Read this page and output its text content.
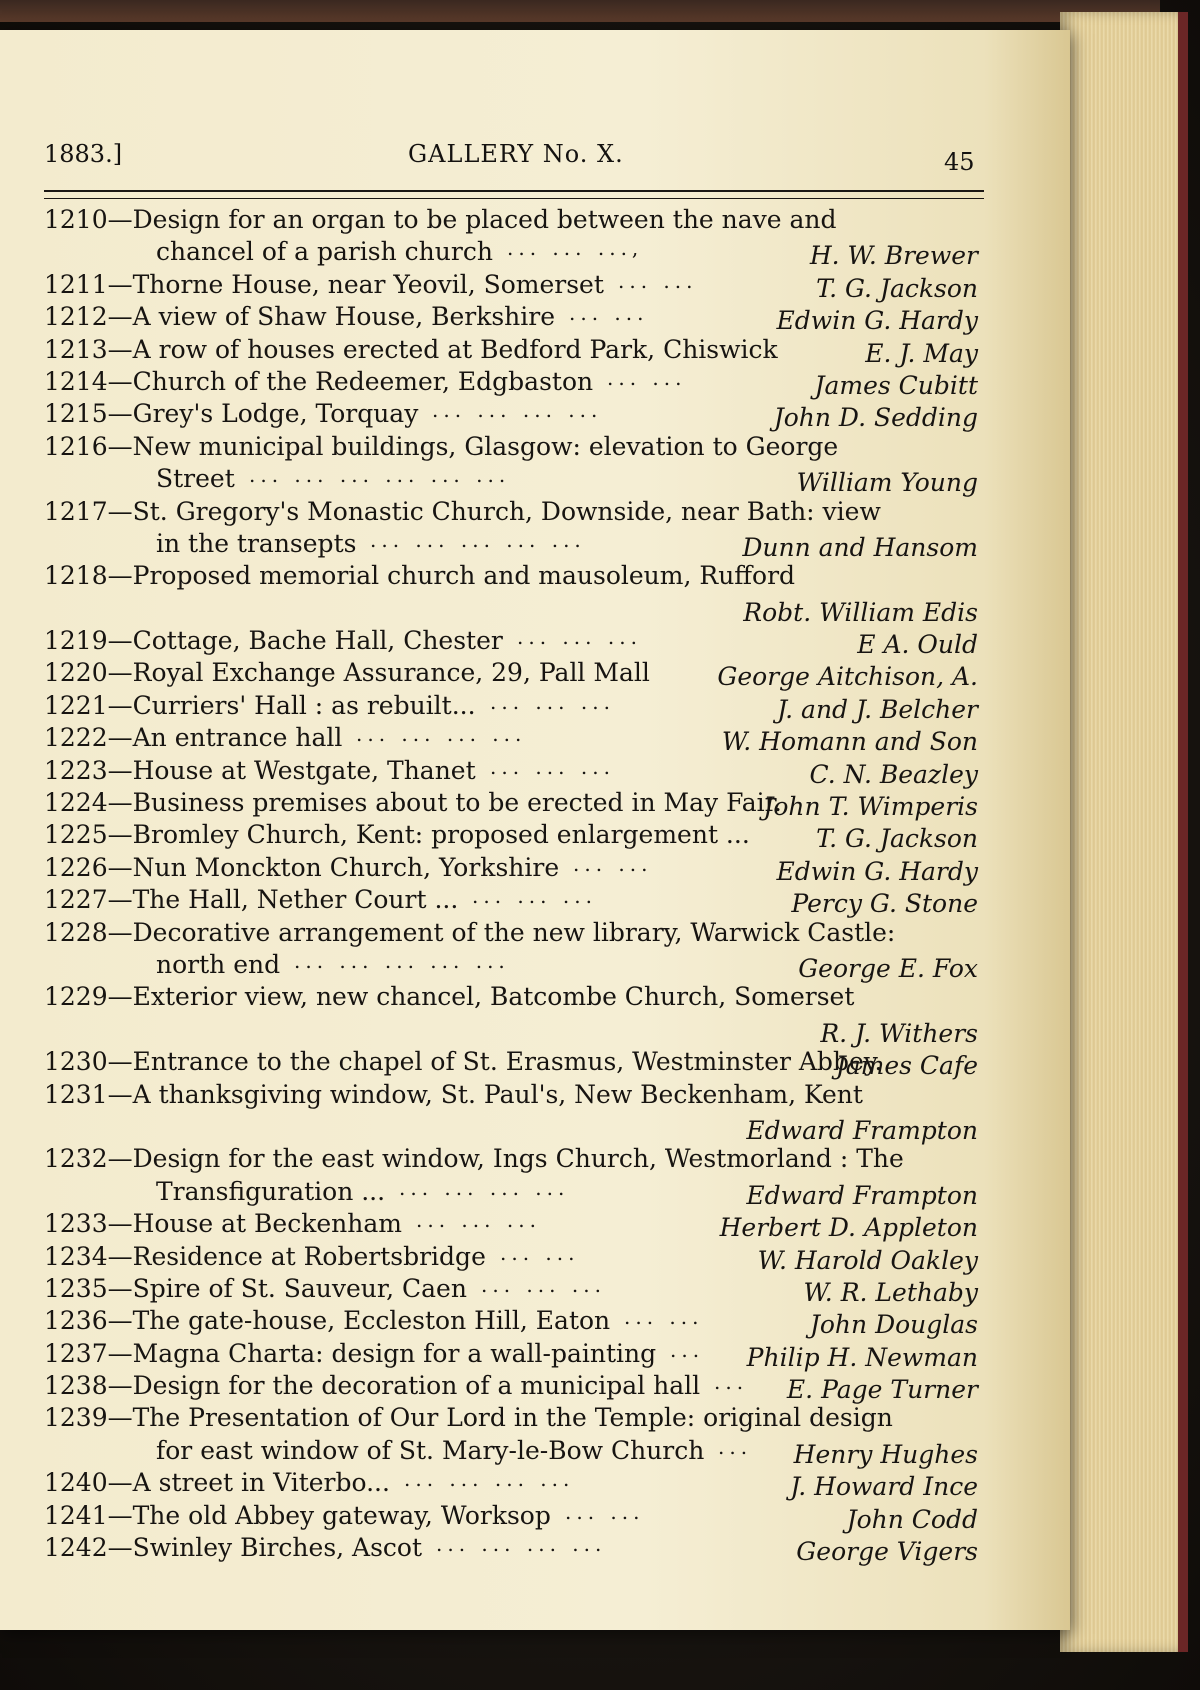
1883.]	GALLERY No. X.	45
1210—Design for an organ to be placed between the nave and
chancel of a parish church ... ... ...,	H. W. Brewer
1211—Thorne House, near Yeovil, Somerset ... ...	T. G. Jackson
1212—A view of Shaw House, Berkshire ... ...	Edwin G. Hardy
1213—A row of houses erected at Bedford Park, Chiswick	E. J. May
1214—Church of the Redeemer, Edgbaston ... ...	James Cubitt
1215—Grey's Lodge, Torquay ... ... ... ...	John D. Sedding
1216—New municipal buildings, Glasgow: elevation to George
Street ... ... ... ... ... ...	William Young
1217—St. Gregory's Monastic Church, Downside, near Bath: view
in the transepts ... ... ... ... ...	Dunn and Hansom
1218—Proposed memorial church and mausoleum, Rufford
Robt. William Edis
1219—Cottage, Bache Hall, Chester ... ... ...	E A. Ould
1220—Royal Exchange Assurance, 29, Pall Mall	George Aitchison, A.
1221—Curriers' Hall : as rebuilt... ... ... ...	J. and J. Belcher
1222—An entrance hall ... ... ... ...	W. Homann and Son
1223—House at Westgate, Thanet ... ... ...	C. N. Beazley
1224—Business premises about to be erected in May Fair.
John T. Wimperis
1225—Bromley Church, Kent: proposed enlargement ...	T. G. Jackson
1226—Nun Monckton Church, Yorkshire ... ...	Edwin G. Hardy
1227—The Hall, Nether Court ... ... ... ...	Percy G. Stone
1228—Decorative arrangement of the new library, Warwick Castle:
north end ... ... ... ... ...	George E. Fox
1229—Exterior view, new chancel, Batcombe Church, Somerset
R. J. Withers
1230—Entrance to the chapel of St. Erasmus, Westminster Abbey.
James Cafe
1231—A thanksgiving window, St. Paul's, New Beckenham, Kent
Edward Frampton
1232—Design for the east window, Ings Church, Westmorland : The
Transfiguration ... ... ... ... ...	Edward Frampton
1233—House at Beckenham ... ... ...	Herbert D. Appleton
1234—Residence at Robertsbridge ... ...	W. Harold Oakley
1235—Spire of St. Sauveur, Caen ... ... ...	W. R. Lethaby
1236—The gate-house, Eccleston Hill, Eaton ... ...	John Douglas
1237—Magna Charta: design for a wall-painting ... Philip H. Newman
1238—Design for the decoration of a municipal hall ... E. Page Turner
1239—The Presentation of Our Lord in the Temple: original design
for east window of St. Mary-le-Bow Church ... Henry Hughes
1240—A street in Viterbo... ... ... ... ...	J. Howard Ince
1241—The old Abbey gateway, Worksop ... ...	John Codd
1242—Swinley Birches, Ascot ... ... ... ...	George Vigers
